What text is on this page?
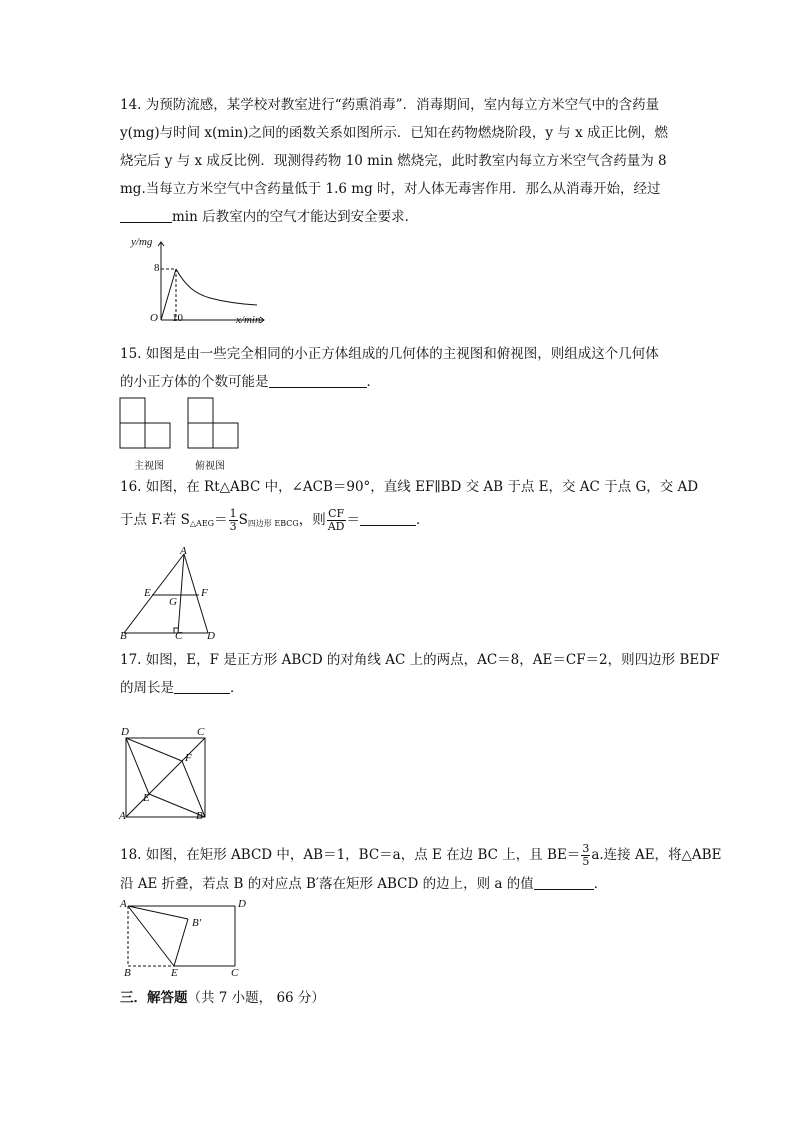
14. 为预防流感，某学校对教室进行“药熏消毒”．消毒期间，室内每立方米空气中的含药量
y(mg)与时间 x(min)之间的函数关系如图所示．已知在药物燃烧阶段，y 与 x 成正比例，燃
烧完后 y 与 x 成反比例．现测得药物 10 min 燃烧完，此时教室内每立方米空气含药量为 8
mg.当每立方米空气中含药量低于 1.6 mg 时，对人体无毒害作用．那么从消毒开始，经过
min 后教室内的空气才能达到安全要求．
y/mg
x/min
O
8
10
15. 如图是由一些完全相同的小正方体组成的几何体的主视图和俯视图，则组成这个几何体
的小正方体的个数可能是	．
主视图	俯视图
16. 如图，在 Rt△ABC 中，∠ACB＝90°，直线 EF∥BD 交 AB 于点 E，交 AC 于点 G，交 AD
于点 F.若 $S_{\triangle AEG}= \frac{1}{3} S_{四边形 EBCG}$，则 $\frac{CF}{AD}$ ＝	．
A
E	F
G
B	C D
17. 如图，E，F 是正方形 ABCD 的对角线 AC 上的两点，AC＝8，AE＝CF＝2，则四边形 BEDF
的周长是	．
D	C
F
E
A	B
18. 如图，在矩形 ABCD 中，AB＝1，BC＝a，点 E 在边 BC 上，且 $BE= \frac{3}{5} a$.连接 AE，将△ABE
沿 AE 折叠，若点 B 的对应点 B′落在矩形 ABCD 的边上，则 a 的值	．
A	D
B′
B	E	C
三．解答题（共 7 小题， 66 分）
